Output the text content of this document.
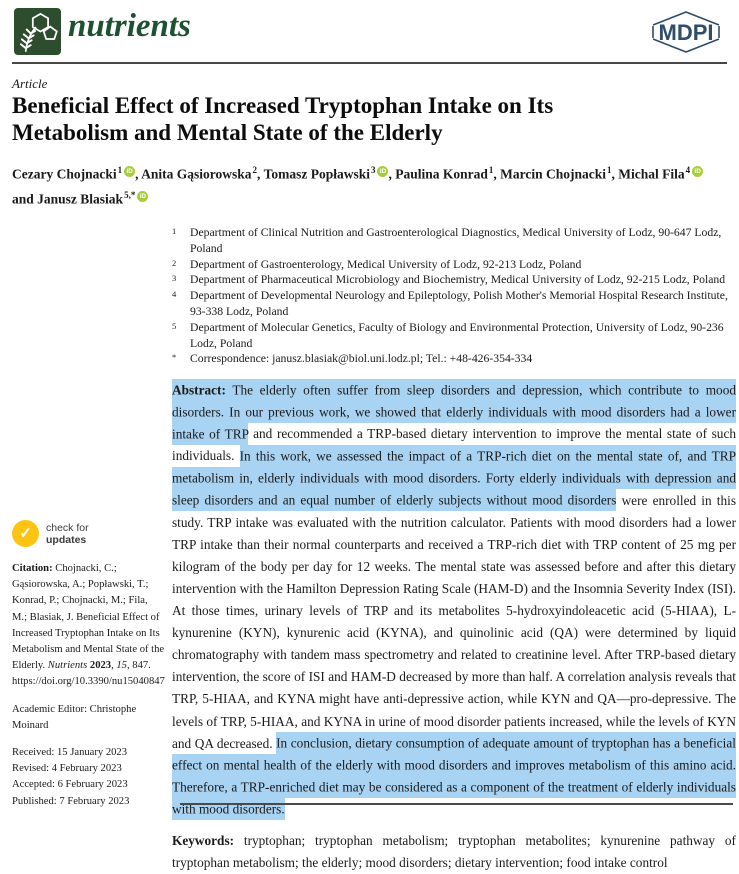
nutrients	MDPI
Article
Beneficial Effect of Increased Tryptophan Intake on Its Metabolism and Mental State of the Elderly
Cezary Chojnacki$^1$ iD , Anita Gąsiorowska$^2$, Tomasz Popławski$^3$ iD , Paulina Konrad$^1$, Marcin Chojnacki$^1$, Michal Fila$^4$ iD and Janusz Blasiak$^{5,*}$ iD
1	Department of Clinical Nutrition and Gastroenterological Diagnostics, Medical University of Lodz, 90-647 Lodz, Poland
2	Department of Gastroenterology, Medical University of Lodz, 92-213 Lodz, Poland
3	Department of Pharmaceutical Microbiology and Biochemistry, Medical University of Lodz, 92-215 Lodz, Poland
4	Department of Developmental Neurology and Epileptology, Polish Mother's Memorial Hospital Research Institute, 93-338 Lodz, Poland
5	Department of Molecular Genetics, Faculty of Biology and Environmental Protection, University of Lodz, 90-236 Lodz, Poland
*	Correspondence: janusz.blasiak@biol.uni.lodz.pl; Tel.: +48-426-354-334

Abstract: The elderly often suffer from sleep disorders and depression, which contribute to mood disorders. In our previous work, we showed that elderly individuals with mood disorders had a lower intake of TRP and recommended a TRP-based dietary intervention to improve the mental state of such individuals. In this work, we assessed the impact of a TRP-rich diet on the mental state of, and TRP metabolism in, elderly individuals with mood disorders. Forty elderly individuals with depression and sleep disorders and an equal number of elderly subjects without mood disorders were enrolled in this study. TRP intake was evaluated with the nutrition calculator. Patients with mood disorders had a lower TRP intake than their normal counterparts and received a TRP-rich diet with TRP content of 25 mg per kilogram of the body per day for 12 weeks. The mental state was assessed before and after this dietary intervention with the Hamilton Depression Rating Scale (HAM-D) and the Insomnia Severity Index (ISI). At those times, urinary levels of TRP and its metabolites 5-hydroxyindoleacetic acid (5-HIAA), L-kynurenine (KYN), kynurenic acid (KYNA), and quinolinic acid (QA) were determined by liquid chromatography with tandem mass spectrometry and related to creatinine level. After TRP-based dietary intervention, the score of ISI and HAM-D decreased by more than half. A correlation analysis reveals that TRP, 5-HIAA, and KYNA might have anti-depressive action, while KYN and QA—pro-depressive. The levels of TRP, 5-HIAA, and KYNA in urine of mood disorder patients increased, while the levels of KYN and QA decreased. In conclusion, dietary consumption of adequate amount of tryptophan has a beneficial effect on mental health of the elderly with mood disorders and improves metabolism of this amino acid. Therefore, a TRP-enriched diet may be considered as a component of the treatment of elderly individuals with mood disorders.

Keywords: tryptophan; tryptophan metabolism; tryptophan metabolites; kynurenine pathway of tryptophan metabolism; the elderly; mood disorders; dietary intervention; food intake control

✓	check for
updates
Citation: Chojnacki, C.; Gąsiorowska, A.; Popławski, T.; Konrad, P.; Chojnacki, M.; Fila, M.; Blasiak, J. Beneficial Effect of Increased Tryptophan Intake on Its Metabolism and Mental State of the Elderly. Nutrients 2023, 15, 847. https://doi.org/10.3390/nu15040847
Academic Editor: Christophe Moinard
Received: 15 January 2023
Revised: 4 February 2023
Accepted: 6 February 2023
Published: 7 February 2023
